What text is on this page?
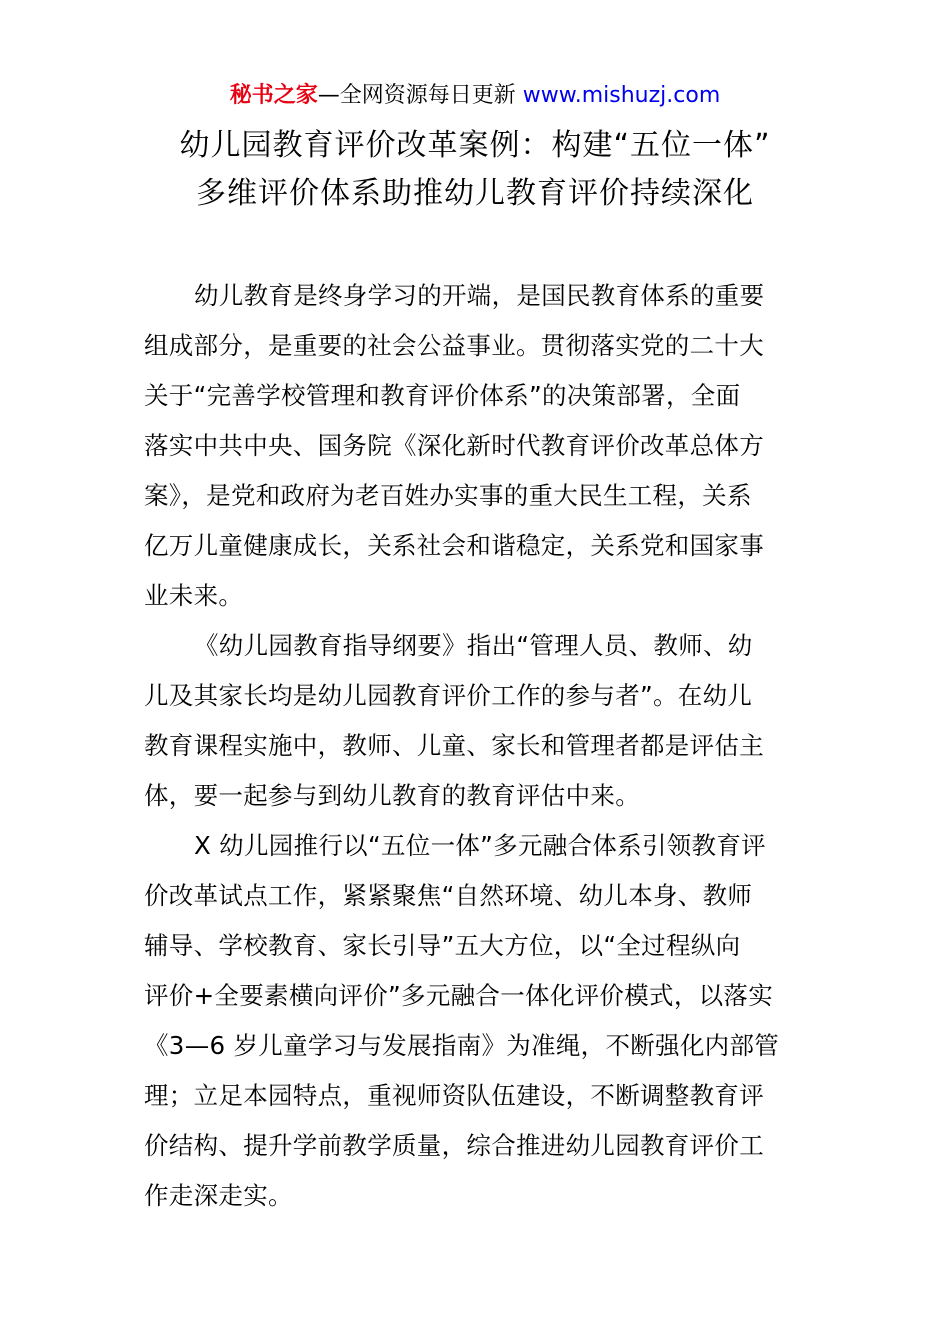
秘书之家—全网资源每日更新 www.mishuzj.com
幼儿园教育评价改革案例：构建“五位一体”
多维评价体系助推幼儿教育评价持续深化
幼儿教育是终身学习的开端，是国民教育体系的重要
组成部分，是重要的社会公益事业。贯彻落实党的二十大
关于“完善学校管理和教育评价体系”的决策部署，全面
落实中共中央、国务院《深化新时代教育评价改革总体方
案》，是党和政府为老百姓办实事的重大民生工程，关系
亿万儿童健康成长，关系社会和谐稳定，关系党和国家事
业未来。
《幼儿园教育指导纲要》指出“管理人员、教师、幼
儿及其家长均是幼儿园教育评价工作的参与者”。在幼儿
教育课程实施中，教师、儿童、家长和管理者都是评估主
体，要一起参与到幼儿教育的教育评估中来。
X 幼儿园推行以“五位一体”多元融合体系引领教育评
价改革试点工作，紧紧聚焦“自然环境、幼儿本身、教师
辅导、学校教育、家长引导”五大方位，以“全过程纵向
评价+全要素横向评价”多元融合一体化评价模式，以落实
《3—6 岁儿童学习与发展指南》为准绳，不断强化内部管
理；立足本园特点，重视师资队伍建设，不断调整教育评
价结构、提升学前教学质量，综合推进幼儿园教育评价工
作走深走实。
